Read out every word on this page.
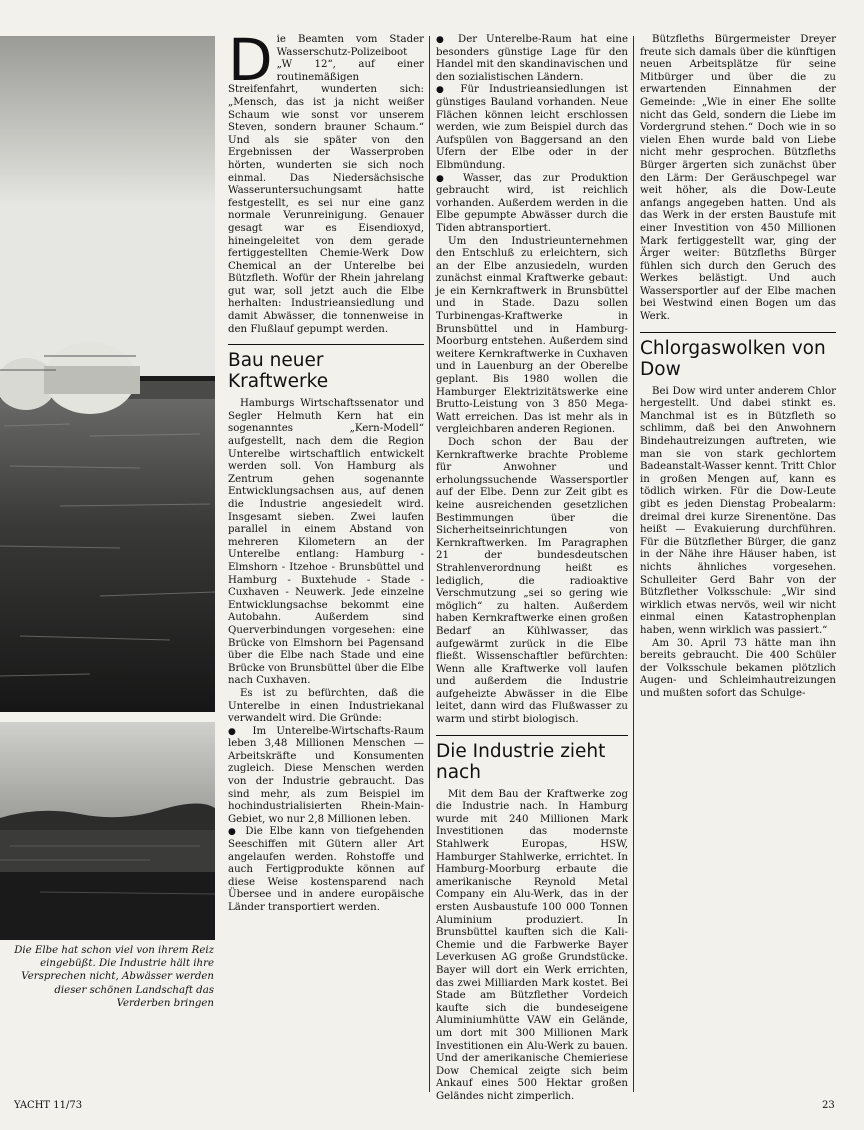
Die Elbe hat schon viel von ihrem Reiz eingebüßt. Die Industrie hält ihre Versprechen nicht, Abwässer werden dieser schönen Landschaft das Verderben bringen

Die Beamten vom Stader Wasserschutz-Polizeiboot „W 12“, auf einer routinemäßigen Streifenfahrt, wunderten sich: „Mensch, das ist ja nicht weißer Schaum wie sonst vor unserem Steven, sondern brauner Schaum.“ Und als sie später von den Ergebnissen der Wasserproben hörten, wunderten sie sich noch einmal. Das Niedersächsische Wasseruntersuchungsamt hatte festgestellt, es sei nur eine ganz normale Verunreinigung. Genauer gesagt war es Eisendioxyd, hineingeleitet von dem gerade fertiggestellten Chemie-Werk Dow Chemical an der Unterelbe bei Bützfleth. Wofür der Rhein jahrelang gut war, soll jetzt auch die Elbe herhalten: Industrieansiedlung und damit Abwässer, die tonnenweise in den Flußlauf gepumpt werden.

Bau neuer Kraftwerke

Hamburgs Wirtschaftssenator und Segler Helmuth Kern hat ein sogenanntes „Kern-Modell“ aufgestellt, nach dem die Region Unterelbe wirtschaftlich entwickelt werden soll. Von Hamburg als Zentrum gehen sogenannte Entwicklungsachsen aus, auf denen die Industrie angesiedelt wird. Insgesamt sieben. Zwei laufen parallel in einem Abstand von mehreren Kilometern an der Unterelbe entlang: Hamburg - Elmshorn - Itzehoe - Brunsbüttel und Hamburg - Buxtehude - Stade - Cuxhaven - Neuwerk. Jede einzelne Entwicklungsachse bekommt eine Autobahn. Außerdem sind Querverbindungen vorgesehen: eine Brücke von Elmshorn bei Pagensand über die Elbe nach Stade und eine Brücke von Brunsbüttel über die Elbe nach Cuxhaven.

Es ist zu befürchten, daß die Unterelbe in einen Industriekanal verwandelt wird. Die Gründe:

● Im Unterelbe-Wirtschafts-Raum leben 3,48 Millionen Menschen — Arbeitskräfte und Konsumenten zugleich. Diese Menschen werden von der Industrie gebraucht. Das sind mehr, als zum Beispiel im hochindustrialisierten Rhein-Main-Gebiet, wo nur 2,8 Millionen leben.

● Die Elbe kann von tiefgehenden Seeschiffen mit Gütern aller Art angelaufen werden. Rohstoffe und auch Fertigprodukte können auf diese Weise kostensparend nach Übersee und in andere europäische Länder transportiert werden.

● Der Unterelbe-Raum hat eine besonders günstige Lage für den Handel mit den skandinavischen und den sozialistischen Ländern.

● Für Industrieansiedlungen ist günstiges Bauland vorhanden. Neue Flächen können leicht erschlossen werden, wie zum Beispiel durch das Aufspülen von Baggersand an den Ufern der Elbe oder in der Elbmündung.

● Wasser, das zur Produktion gebraucht wird, ist reichlich vorhanden. Außerdem werden in die Elbe gepumpte Abwässer durch die Tiden abtransportiert.

Um den Industrieunternehmen den Entschluß zu erleichtern, sich an der Elbe anzusiedeln, wurden zunächst einmal Kraftwerke gebaut: je ein Kernkraftwerk in Brunsbüttel und in Stade. Dazu sollen Turbinengas-Kraftwerke in Brunsbüttel und in Hamburg-Moorburg entstehen. Außerdem sind weitere Kernkraftwerke in Cuxhaven und in Lauenburg an der Oberelbe geplant. Bis 1980 wollen die Hamburger Elektrizitätswerke eine Brutto-Leistung von 3 850 Mega-Watt erreichen. Das ist mehr als in vergleichbaren anderen Regionen.

Doch schon der Bau der Kernkraftwerke brachte Probleme für Anwohner und erholungssuchende Wassersportler auf der Elbe. Denn zur Zeit gibt es keine ausreichenden gesetzlichen Bestimmungen über die Sicherheitseinrichtungen von Kernkraftwerken. Im Paragraphen 21 der bundesdeutschen Strahlenverordnung heißt es lediglich, die radioaktive Verschmutzung „sei so gering wie möglich“ zu halten. Außerdem haben Kernkraftwerke einen großen Bedarf an Kühlwasser, das aufgewärmt zurück in die Elbe fließt. Wissenschaftler befürchten: Wenn alle Kraftwerke voll laufen und außerdem die Industrie aufgeheizte Abwässer in die Elbe leitet, dann wird das Flußwasser zu warm und stirbt biologisch.

Die Industrie zieht nach

Mit dem Bau der Kraftwerke zog die Industrie nach. In Hamburg wurde mit 240 Millionen Mark Investitionen das modernste Stahlwerk Europas, HSW, Hamburger Stahlwerke, errichtet. In Hamburg-Moorburg erbaute die amerikanische Reynold Metal Company ein Alu-Werk, das in der ersten Ausbaustufe 100 000 Tonnen Aluminium produziert. In Brunsbüttel kauften sich die Kali-Chemie und die Farbwerke Bayer Leverkusen AG große Grundstücke. Bayer will dort ein Werk errichten, das zwei Milliarden Mark kostet. Bei Stade am Bützflether Vordeich kaufte sich die bundeseigene Aluminiumhütte VAW ein Gelände, um dort mit 300 Millionen Mark Investitionen ein Alu-Werk zu bauen. Und der amerikanische Chemieriese Dow Chemical zeigte sich beim Ankauf eines 500 Hektar großen Geländes nicht zimperlich.

Bützfleths Bürgermeister Dreyer freute sich damals über die künftigen neuen Arbeitsplätze für seine Mitbürger und über die zu erwartenden Einnahmen der Gemeinde: „Wie in einer Ehe sollte nicht das Geld, sondern die Liebe im Vordergrund stehen.“ Doch wie in so vielen Ehen wurde bald von Liebe nicht mehr gesprochen. Bützfleths Bürger ärgerten sich zunächst über den Lärm: Der Geräuschpegel war weit höher, als die Dow-Leute anfangs angegeben hatten. Und als das Werk in der ersten Baustufe mit einer Investition von 450 Millionen Mark fertiggestellt war, ging der Ärger weiter: Bützfleths Bürger fühlen sich durch den Geruch des Werkes belästigt. Und auch Wassersportler auf der Elbe machen bei Westwind einen Bogen um das Werk.

Chlorgaswolken von Dow

Bei Dow wird unter anderem Chlor hergestellt. Und dabei stinkt es. Manchmal ist es in Bützfleth so schlimm, daß bei den Anwohnern Bindehautreizungen auftreten, wie man sie von stark gechlortem Badeanstalt-Wasser kennt. Tritt Chlor in großen Mengen auf, kann es tödlich wirken. Für die Dow-Leute gibt es jeden Dienstag Probealarm: dreimal drei kurze Sirenentöne. Das heißt — Evakuierung durchführen. Für die Bützflether Bürger, die ganz in der Nähe ihre Häuser haben, ist nichts ähnliches vorgesehen. Schulleiter Gerd Bahr von der Bützflether Volksschule: „Wir sind wirklich etwas nervös, weil wir nicht einmal einen Katastrophenplan haben, wenn wirklich was passiert.“

Am 30. April 73 hätte man ihn bereits gebraucht. Die 400 Schüler der Volksschule bekamen plötzlich Augen- und Schleimhautreizungen und mußten sofort das Schulge-

YACHT 11/73	23
